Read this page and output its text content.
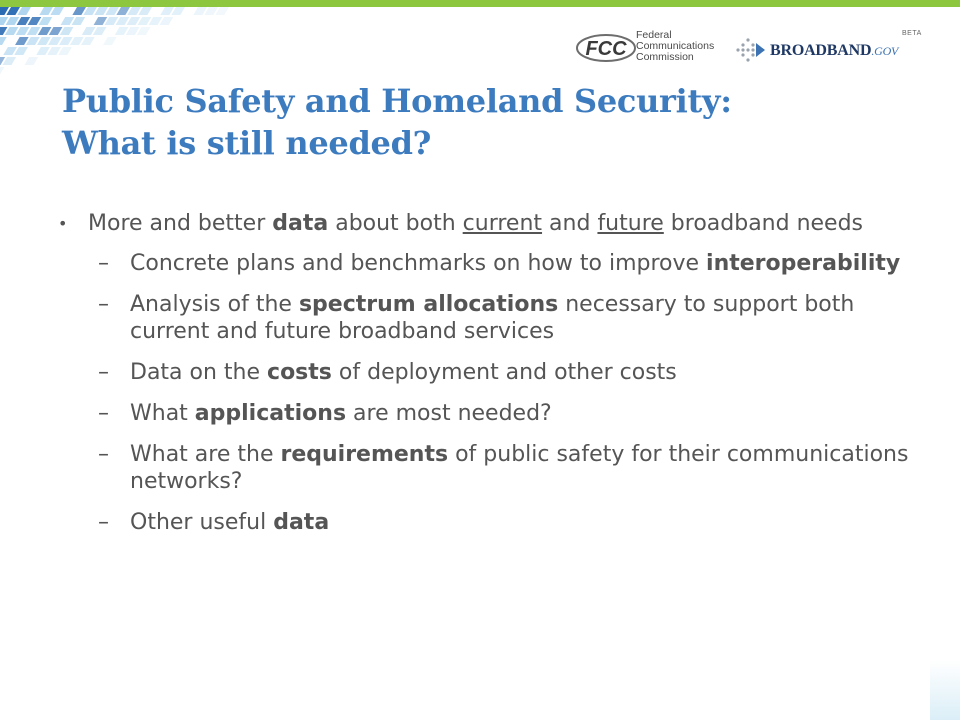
FCC
Federal
Communications
Commission	BROADBAND.GOV
BETA
Public Safety and Homeland Security:
What is still needed?
• More and better data about both current and future broadband needs
– Concrete plans and benchmarks on how to improve interoperability
– Analysis of the spectrum allocations necessary to support both current and future broadband services
– Data on the costs of deployment and other costs
– What applications are most needed?
– What are the requirements of public safety for their communications networks?
– Other useful data
